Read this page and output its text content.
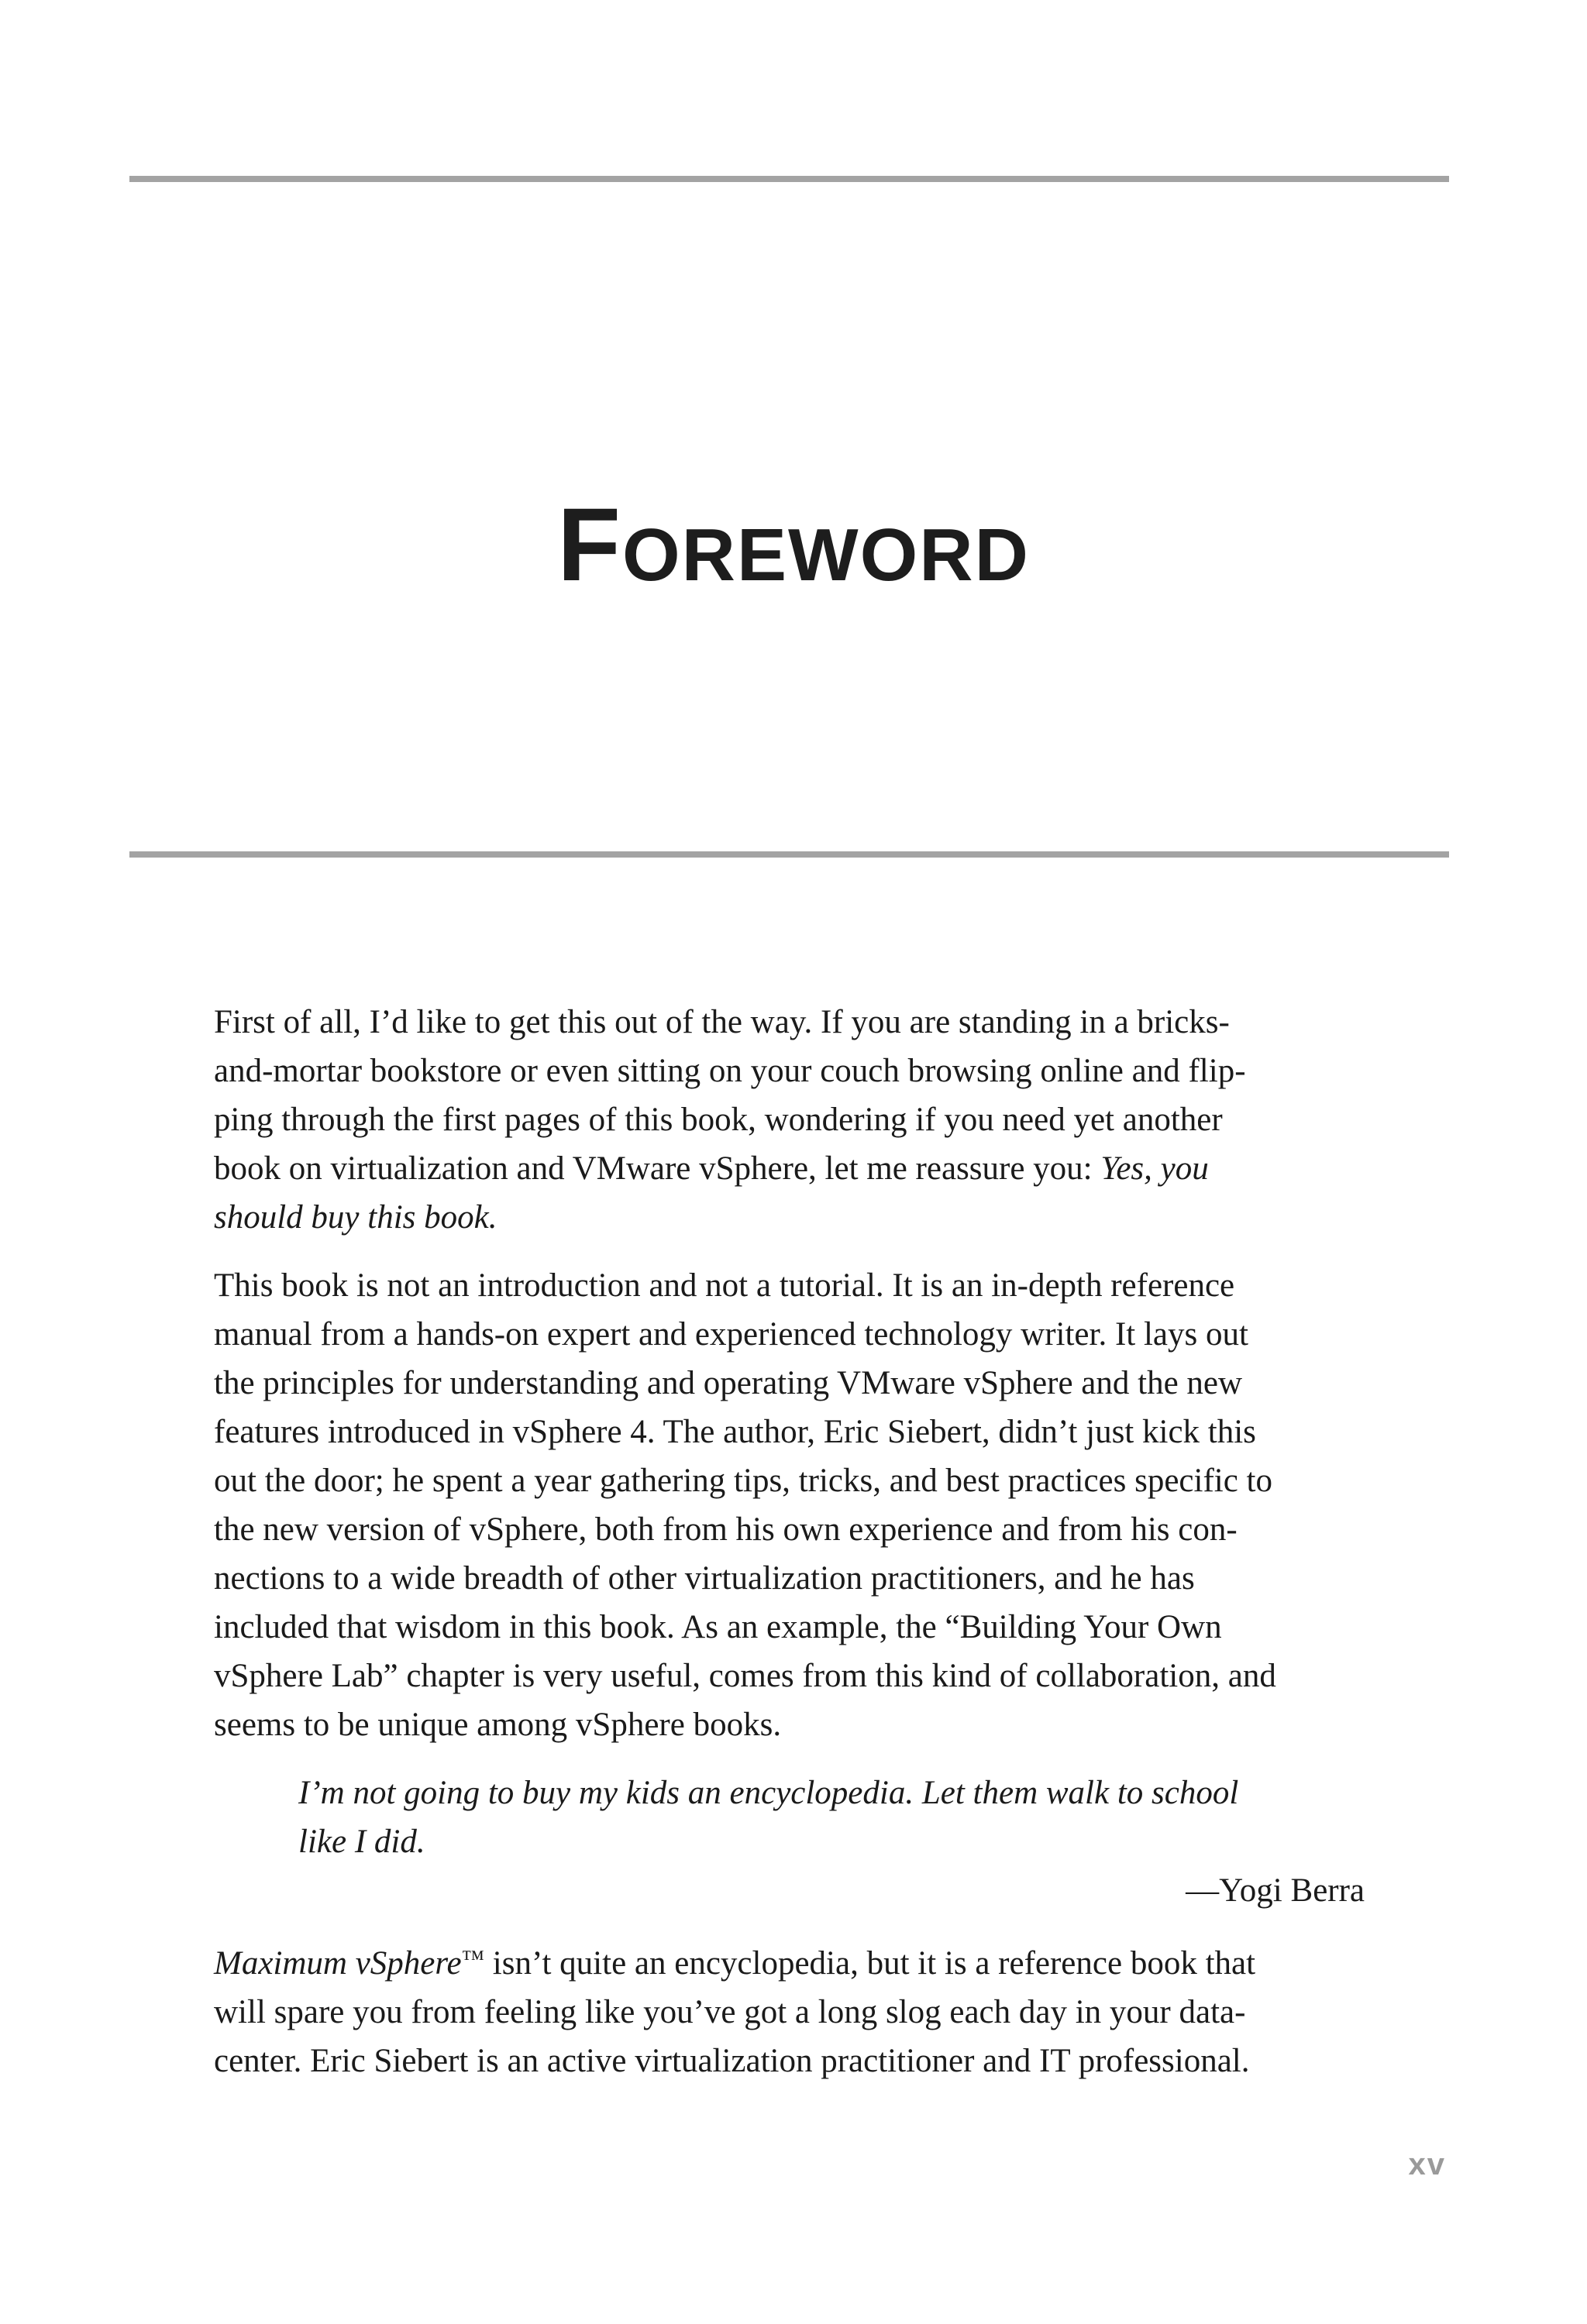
FOREWORD

First of all, I’d like to get this out of the way. If you are standing in a bricks-
and-mortar bookstore or even sitting on your couch browsing online and flip-
ping through the first pages of this book, wondering if you need yet another
book on virtualization and VMware vSphere, let me reassure you: Yes, you
should buy this book.

This book is not an introduction and not a tutorial. It is an in-depth reference
manual from a hands-on expert and experienced technology writer. It lays out
the principles for understanding and operating VMware vSphere and the new
features introduced in vSphere 4. The author, Eric Siebert, didn’t just kick this
out the door; he spent a year gathering tips, tricks, and best practices specific to
the new version of vSphere, both from his own experience and from his con-
nections to a wide breadth of other virtualization practitioners, and he has
included that wisdom in this book. As an example, the “Building Your Own
vSphere Lab” chapter is very useful, comes from this kind of collaboration, and
seems to be unique among vSphere books.

I’m not going to buy my kids an encyclopedia. Let them walk to school
like I did.
—Yogi Berra

Maximum vSphere™ isn’t quite an encyclopedia, but it is a reference book that
will spare you from feeling like you’ve got a long slog each day in your data-
center. Eric Siebert is an active virtualization practitioner and IT professional.

xv
